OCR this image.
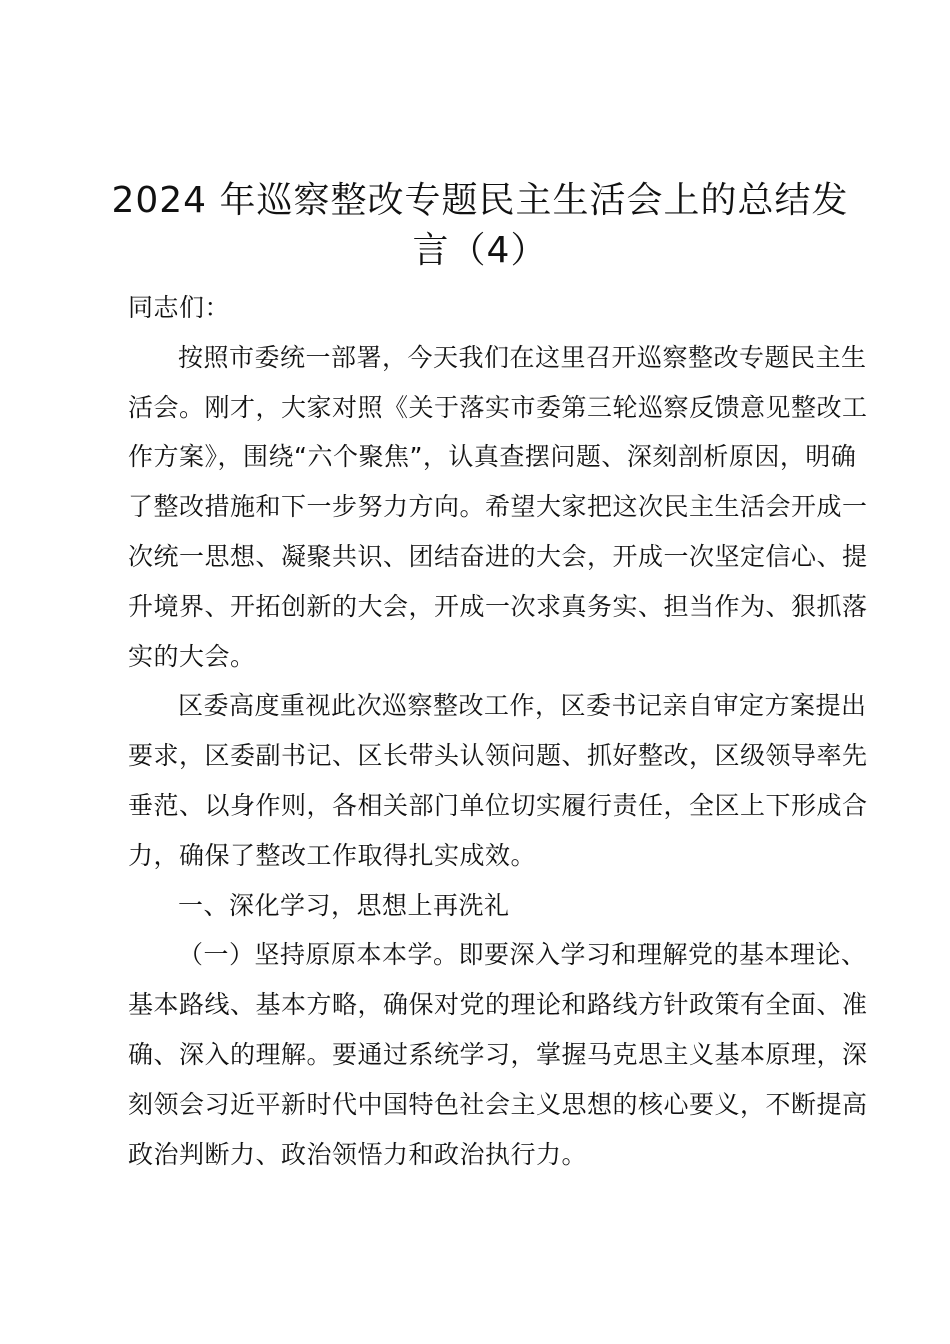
2024 年巡察整改专题民主生活会上的总结发
言（4）

同志们：

按照市委统一部署，今天我们在这里召开巡察整改专题民主生活会。刚才，大家对照《关于落实市委第三轮巡察反馈意见整改工作方案》，围绕“六个聚焦”，认真查摆问题、深刻剖析原因，明确了整改措施和下一步努力方向。希望大家把这次民主生活会开成一次统一思想、凝聚共识、团结奋进的大会，开成一次坚定信心、提升境界、开拓创新的大会，开成一次求真务实、担当作为、狠抓落实的大会。

区委高度重视此次巡察整改工作，区委书记亲自审定方案提出要求，区委副书记、区长带头认领问题、抓好整改，区级领导率先垂范、以身作则，各相关部门单位切实履行责任，全区上下形成合力，确保了整改工作取得扎实成效。

一、深化学习，思想上再洗礼

（一）坚持原原本本学。即要深入学习和理解党的基本理论、基本路线、基本方略，确保对党的理论和路线方针政策有全面、准确、深入的理解。要通过系统学习，掌握马克思主义基本原理，深刻领会习近平新时代中国特色社会主义思想的核心要义，不断提高政治判断力、政治领悟力和政治执行力。
